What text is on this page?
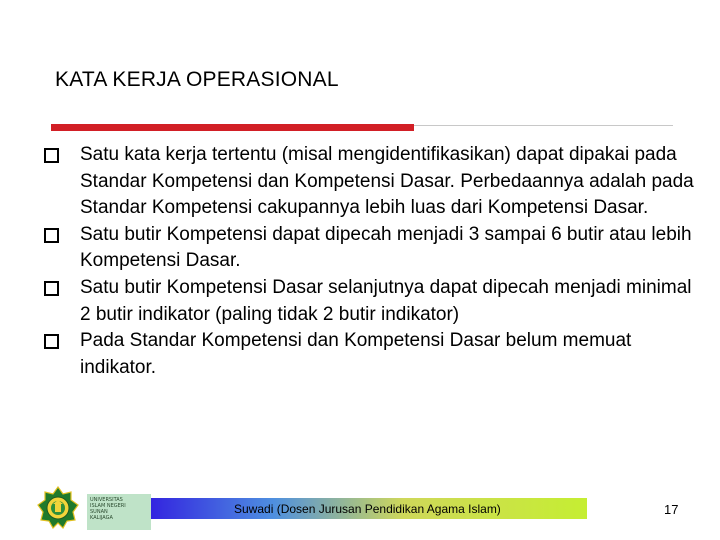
KATA KERJA OPERASIONAL
Satu kata kerja tertentu (misal mengidentifikasikan) dapat dipakai pada Standar Kompetensi dan Kompetensi Dasar. Perbedaannya adalah pada Standar Kompetensi cakupannya lebih luas dari Kompetensi Dasar.
Satu butir Kompetensi dapat dipecah menjadi 3 sampai 6 butir atau lebih Kompetensi Dasar.
Satu butir Kompetensi Dasar selanjutnya dapat dipecah menjadi minimal 2 butir indikator (paling tidak 2 butir indikator)
Pada Standar Kompetensi dan Kompetensi Dasar belum memuat indikator.
UNIVERSITAS ISLAM NEGERI SUNAN KALIJAGA
Suwadi (Dosen Jurusan Pendidikan Agama Islam)	17
